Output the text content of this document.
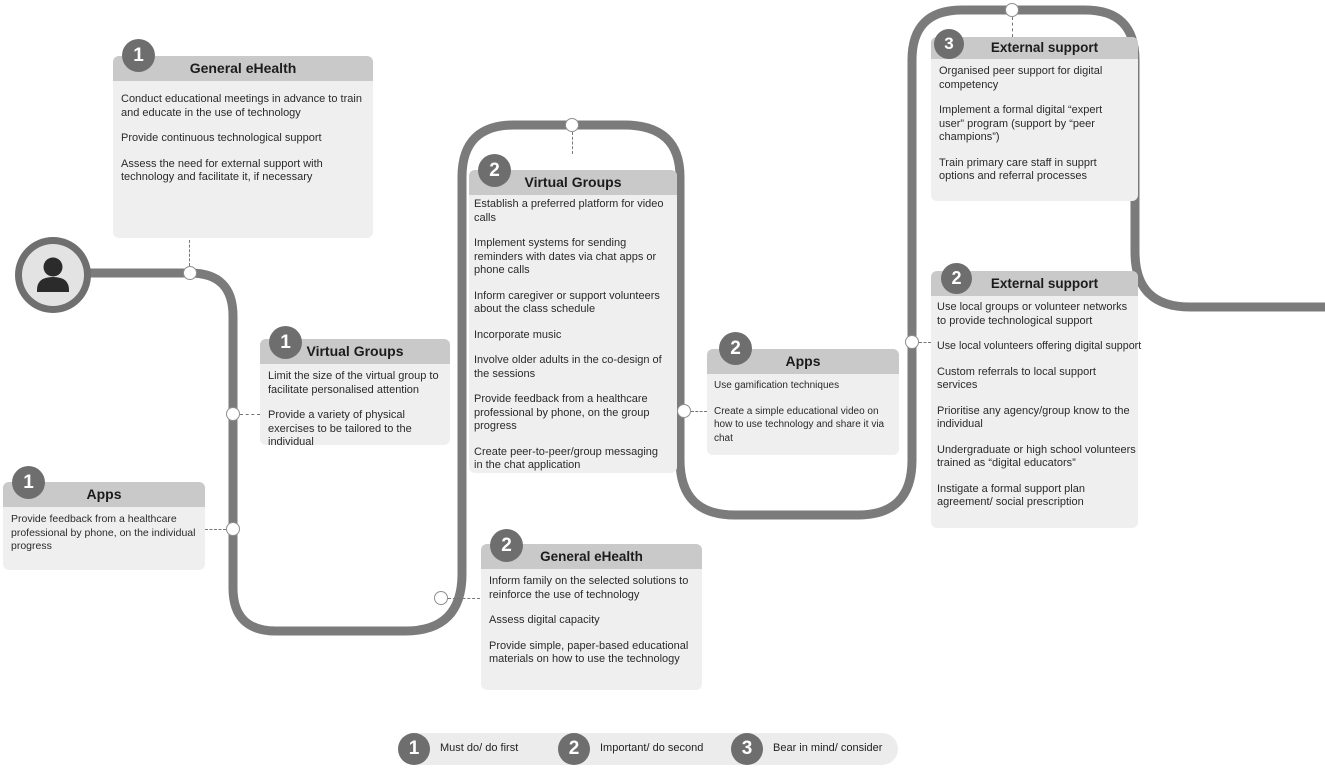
General eHealth
1

Conduct educational meetings in advance to train and educate in the use of technology

Provide continuous technological support

Assess the need for external support with technology and facilitate it, if necessary

Virtual Groups
1

Limit the size of the virtual group to facilitate personalised attention

Provide a variety of physical exercises to be tailored to the individual

Apps
1

Provide feedback from a healthcare professional by phone, on the individual progress

Virtual Groups
2

Establish a preferred platform for video calls

Implement systems for sending reminders with dates via chat apps or phone calls

Inform caregiver or support volunteers about the class schedule

Incorporate music

Involve older adults in the co-design of the sessions

Provide feedback from a healthcare professional by phone, on the group progress

Create peer-to-peer/group messaging in the chat application

General eHealth
2

Inform family on the selected solutions to reinforce the use of technology

Assess digital capacity

Provide simple, paper-based educational materials on how to use the technology

Apps
2

Use gamification techniques

Create a simple educational video on how to use technology and share it via chat

External support
3

Organised peer support for digital competency

Implement a formal digital “expert user” program (support by “peer champions”)

Train primary care staff in supprt options and referral processes

External support
2

Use local groups or volunteer networks to provide technological support

Use local volunteers offering digital support

Custom referrals to local support services

Prioritise any agency/group know to the individual

Undergraduate or high school volunteers trained as “digital educators”

Instigate a formal support plan agreement/ social prescription

1	Must do/ do first	2	Important/ do second	3	Bear in mind/ consider
